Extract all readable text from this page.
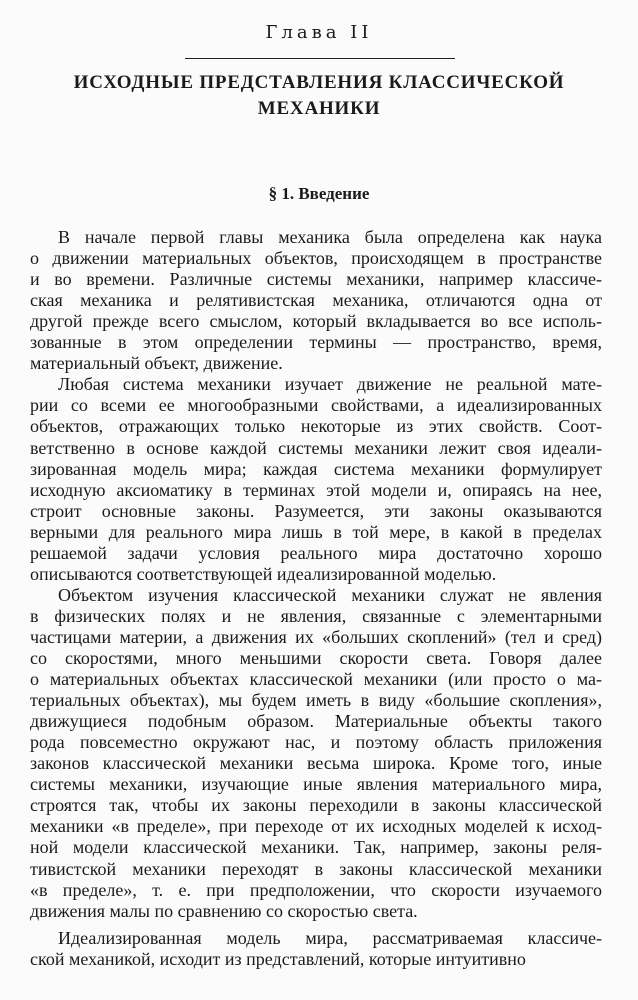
Глава II
ИСХОДНЫЕ ПРЕДСТАВЛЕНИЯ КЛАССИЧЕСКОЙ МЕХАНИКИ
§ 1. Введение
В начале первой главы механика была определена как наука
о движении материальных объектов, происходящем в пространстве
и во времени. Различные системы механики, например классиче-
ская механика и релятивистская механика, отличаются одна от
другой прежде всего смыслом, который вкладывается во все исполь-
зованные в этом определении термины — пространство, время,
материальный объект, движение.
Любая система механики изучает движение не реальной мате-
рии со всеми ее многообразными свойствами, а идеализированных
объектов, отражающих только некоторые из этих свойств. Соот-
ветственно в основе каждой системы механики лежит своя идеали-
зированная модель мира; каждая система механики формулирует
исходную аксиоматику в терминах этой модели и, опираясь на нее,
строит основные законы. Разумеется, эти законы оказываются
верными для реального мира лишь в той мере, в какой в пределах
решаемой задачи условия реального мира достаточно хорошо
описываются соответствующей идеализированной моделью.
Объектом изучения классической механики служат не явления
в физических полях и не явления, связанные с элементарными
частицами материи, а движения их «больших скоплений» (тел и сред)
со скоростями, много меньшими скорости света. Говоря далее
о материальных объектах классической механики (или просто о ма-
териальных объектах), мы будем иметь в виду «большие скопления»,
движущиеся подобным образом. Материальные объекты такого
рода повсеместно окружают нас, и поэтому область приложения
законов классической механики весьма широка. Кроме того, иные
системы механики, изучающие иные явления материального мира,
строятся так, чтобы их законы переходили в законы классической
механики «в пределе», при переходе от их исходных моделей к исход-
ной модели классической механики. Так, например, законы реля-
тивистской механики переходят в законы классической механики
«в пределе», т. е. при предположении, что скорости изучаемого
движения малы по сравнению со скоростью света.
Идеализированная модель мира, рассматриваемая классиче-
ской механикой, исходит из представлений, которые интуитивно
